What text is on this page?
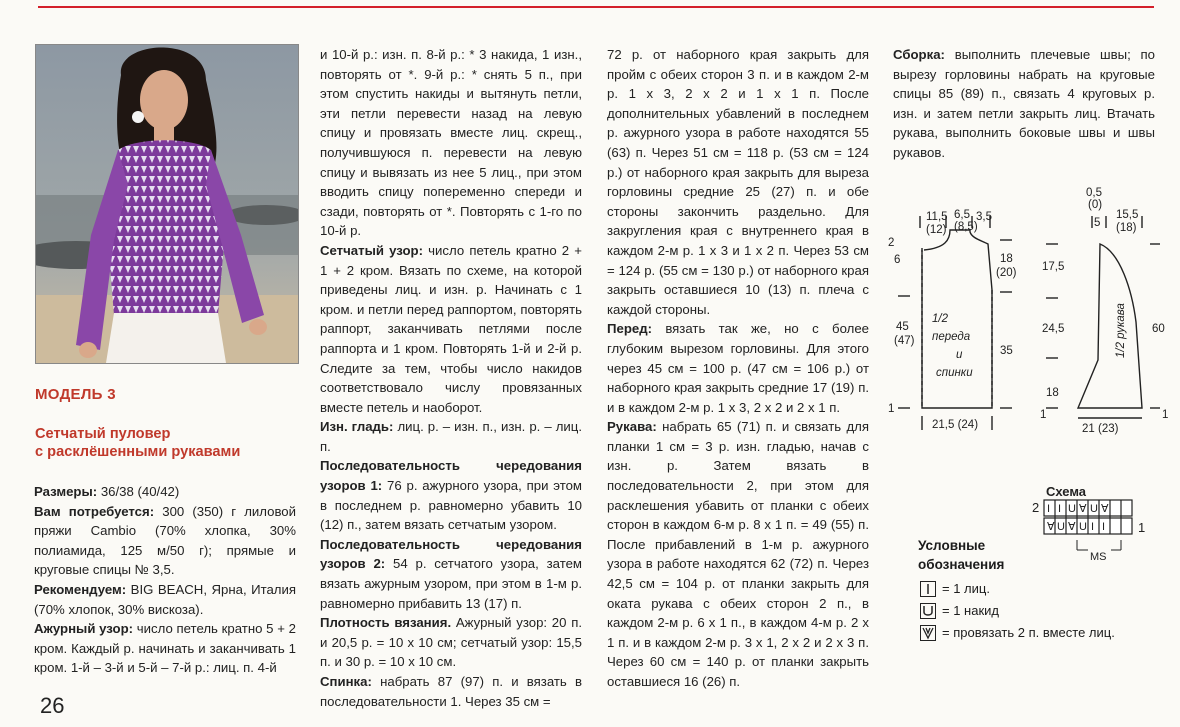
МОДЕЛЬ 3
Сетчатый пуловер
с расклёшенными рукавами

Размеры: 36/38 (40/42)

Вам потребуется: 300 (350) г лиловой пряжи Cambio (70% хлопка, 30% полиамида, 125 м/50 г); прямые и круговые спицы № 3,5.

Рекомендуем: BIG BEACH, Ярна, Италия (70% хлопок, 30% вискоза).

Ажурный узор: число петель кратно 5 + 2 кром. Каждый р. начинать и заканчивать 1 кром. 1-й – 3-й и 5-й – 7-й р.: лиц. п. 4-й

и 10-й р.: изн. п. 8-й р.: * 3 накида, 1 изн., повторять от *. 9-й р.: * снять 5 п., при этом спустить накиды и вытянуть петли, эти петли перевести назад на левую спицу и провязать вместе лиц. скрещ., получившуюся п. перевести на левую спицу и вывязать из нее 5 лиц., при этом вводить спицу попеременно спереди и сзади, повторять от *. Повторять с 1-го по 10-й р.

Сетчатый узор: число петель кратно 2 + 1 + 2 кром. Вязать по схеме, на которой приведены лиц. и изн. р. Начинать с 1 кром. и петли перед раппортом, повторять раппорт, заканчивать петлями после раппорта и 1 кром. Повторять 1-й и 2-й р. Следите за тем, чтобы число накидов соответствовало числу провязанных вместе петель и наоборот.

Изн. гладь: лиц. р. – изн. п., изн. р. – лиц. п.

Последовательность чередования узоров 1: 76 р. ажурного узора, при этом в последнем р. равномерно убавить 10 (12) п., затем вязать сетчатым узором.

Последовательность чередования узоров 2: 54 р. сетчатого узора, затем вязать ажурным узором, при этом в 1-м р. равномерно прибавить 13 (17) п.

Плотность вязания. Ажурный узор: 20 п. и 20,5 р. = 10 х 10 см; сетчатый узор: 15,5 п. и 30 р. = 10 х 10 см.

Спинка: набрать 87 (97) п. и вязать в последовательности 1. Через 35 см =

72 р. от наборного края закрыть для пройм с обеих сторон 3 п. и в каждом 2-м р. 1 х 3, 2 х 2 и 1 х 1 п. После дополнительных убавлений в последнем р. ажурного узора в работе находятся 55 (63) п. Через 51 см = 118 р. (53 см = 124 р.) от наборного края закрыть для выреза горловины средние 25 (27) п. и обе стороны закончить раздельно. Для закругления края с внутреннего края в каждом 2-м р. 1 х 3 и 1 х 2 п. Через 53 см = 124 р. (55 см = 130 р.) от наборного края закрыть оставшиеся 10 (13) п. плеча с каждой стороны.

Перед: вязать так же, но с более глубоким вырезом горловины. Для этого через 45 см = 100 р. (47 см = 106 р.) от наборного края закрыть средние 17 (19) п. и в каждом 2-м р. 1 х 3, 2 х 2 и 2 х 1 п.

Рукава: набрать 65 (71) п. и связать для планки 1 см = 3 р. изн. гладью, начав с изн. р. Затем вязать в последовательности 2, при этом для расклешения убавить от планки с обеих сторон в каждом 6-м р. 8 х 1 п. = 49 (55) п. После прибавлений в 1-м р. ажурного узора в работе находятся 62 (72) п. Через 42,5 см = 104 р. от планки закрыть для оката рукава с обеих сторон 2 п., в каждом 2-м р. 6 х 1 п., в каждом 4-м р. 2 х 1 п. и в каждом 2-м р. 3 х 1, 2 х 2 и 2 х 3 п. Через 60 см = 140 р. от планки закрыть оставшиеся 16 (26) п.

Сборка: выполнить плечевые швы; по вырезу горловины набрать на круговые спицы 85 (89) п., связать 4 круговых р. изн. и затем петли закрыть лиц. Втачать рукава, выполнить боковые швы и швы рукавов.

1/2
переда
и
спинки
1/2 рукава
11,5
(12)
6,5
(8,5)
3,5
2
6	18
(20)
45
(47)
35
21,5 (24)
1
0,5
(0)
5
15,5
(18)
17,5
24,5
18
60
21 (23)
1	1
Схема
2
1
I I U ∀ U ∀
∀ U ∀ U I I
MS
Условные
обозначения
= 1 лиц.
= 1 накид
= провязать 2 п. вместе лиц.
26
